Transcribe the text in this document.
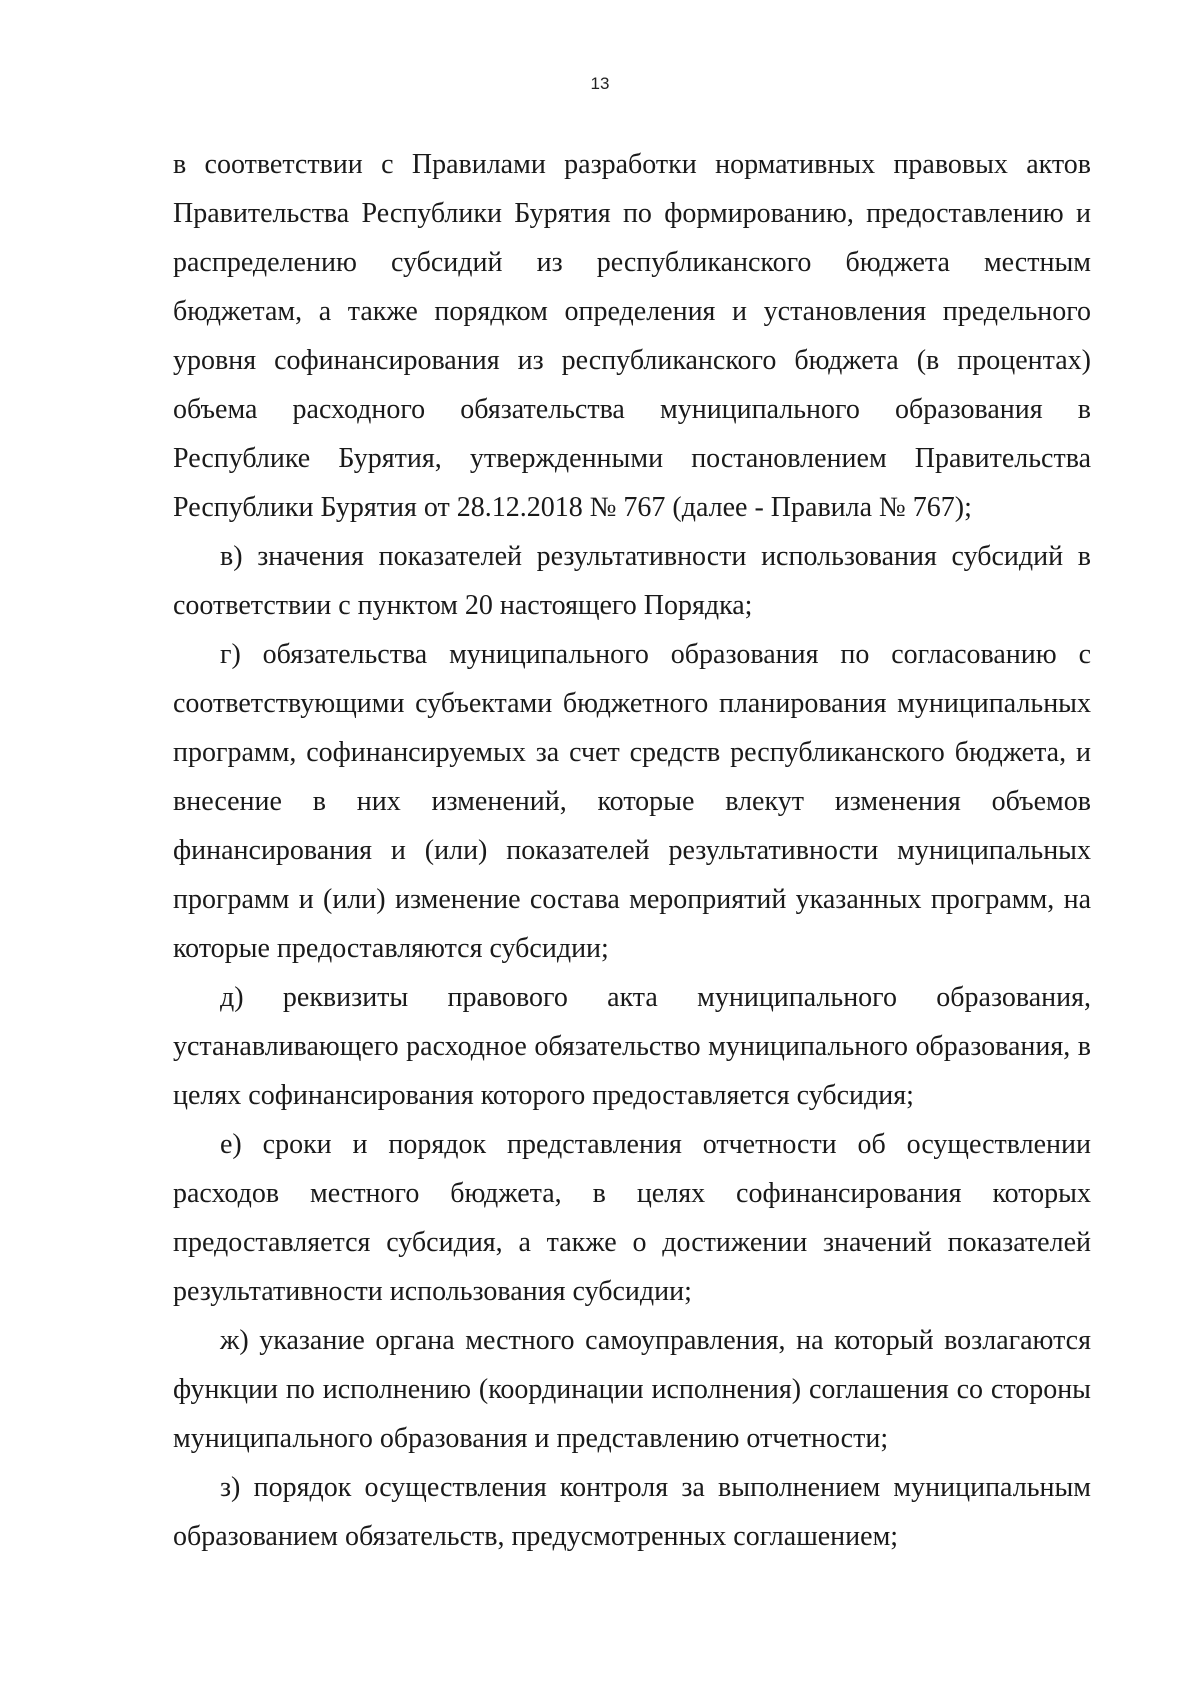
13

в соответствии с Правилами разработки нормативных правовых актов Правительства Республики Бурятия по формированию, предоставлению и распределению субсидий из республиканского бюджета местным бюджетам, а также порядком определения и установления предельного уровня софинансирования из республиканского бюджета (в процентах) объема расходного обязательства муниципального образования в Республике Бурятия, утвержденными постановлением Правительства Республики Бурятия от 28.12.2018 № 767 (далее - Правила № 767);

в) значения показателей результативности использования субсидий в соответствии с пунктом 20 настоящего Порядка;

г) обязательства муниципального образования по согласованию с соответствующими субъектами бюджетного планирования муниципальных программ, софинансируемых за счет средств республиканского бюджета, и внесение в них изменений, которые влекут изменения объемов финансирования и (или) показателей результативности муниципальных программ и (или) изменение состава мероприятий указанных программ, на которые предоставляются субсидии;

д) реквизиты правового акта муниципального образования, устанавливающего расходное обязательство муниципального образования, в целях софинансирования которого предоставляется субсидия;

е) сроки и порядок представления отчетности об осуществлении расходов местного бюджета, в целях софинансирования которых предоставляется субсидия, а также о достижении значений показателей результативности использования субсидии;

ж) указание органа местного самоуправления, на который возлагаются функции по исполнению (координации исполнения) соглашения со стороны муниципального образования и представлению отчетности;

з) порядок осуществления контроля за выполнением муниципальным образованием обязательств, предусмотренных соглашением;
